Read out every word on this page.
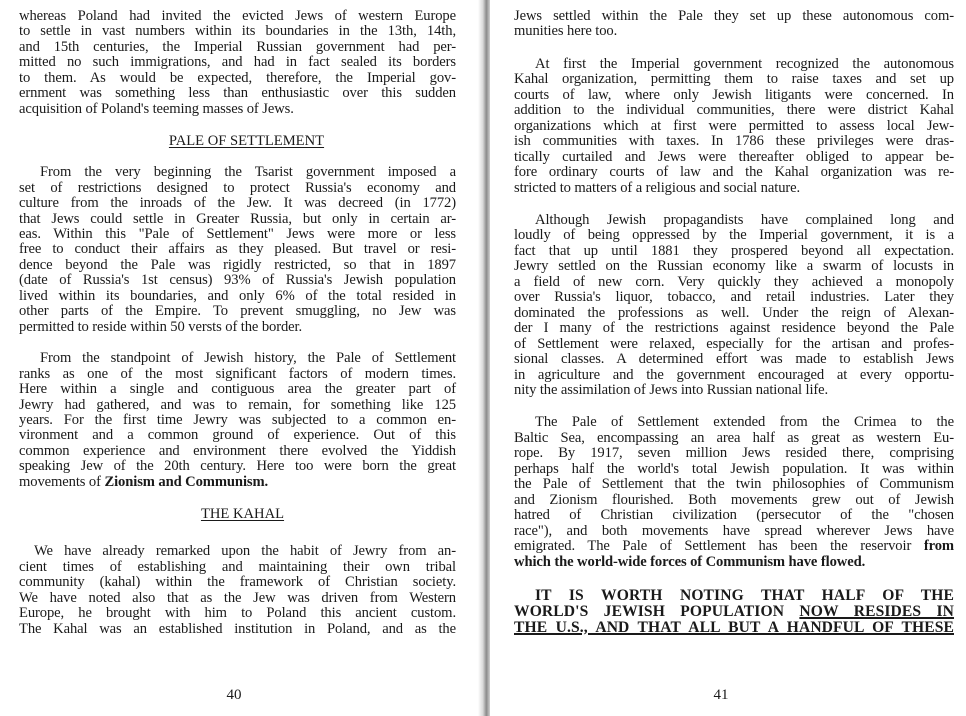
whereas Poland had invited the evicted Jews of western Europe
to settle in vast numbers within its boundaries in the 13th, 14th,
and 15th centuries, the Imperial Russian government had per-
mitted no such immigrations, and had in fact sealed its borders
to them. As would be expected, therefore, the Imperial gov-
ernment was something less than enthusiastic over this sudden
acquisition of Poland's teeming masses of Jews.

PALE OF SETTLEMENT

From the very beginning the Tsarist government imposed a
set of restrictions designed to protect Russia's economy and
culture from the inroads of the Jew. It was decreed (in 1772)
that Jews could settle in Greater Russia, but only in certain ar-
eas. Within this "Pale of Settlement" Jews were more or less
free to conduct their affairs as they pleased. But travel or resi-
dence beyond the Pale was rigidly restricted, so that in 1897
(date of Russia's 1st census) 93% of Russia's Jewish population
lived within its boundaries, and only 6% of the total resided in
other parts of the Empire. To prevent smuggling, no Jew was
permitted to reside within 50 versts of the border.
From the standpoint of Jewish history, the Pale of Settlement
ranks as one of the most significant factors of modern times.
Here within a single and contiguous area the greater part of
Jewry had gathered, and was to remain, for something like 125
years. For the first time Jewry was subjected to a common en-
vironment and a common ground of experience. Out of this
common experience and environment there evolved the Yiddish
speaking Jew of the 20th century. Here too were born the great
movements of Zionism and Communism.

THE KAHAL

We have already remarked upon the habit of Jewry from an-
cient times of establishing and maintaining their own tribal
community (kahal) within the framework of Christian society.
We have noted also that as the Jew was driven from Western
Europe, he brought with him to Poland this ancient custom.
The Kahal was an established institution in Poland, and as the
40
Jews settled within the Pale they set up these autonomous com-
munities here too.
At first the Imperial government recognized the autonomous
Kahal organization, permitting them to raise taxes and set up
courts of law, where only Jewish litigants were concerned. In
addition to the individual communities, there were district Kahal
organizations which at first were permitted to assess local Jew-
ish communities with taxes. In 1786 these privileges were dras-
tically curtailed and Jews were thereafter obliged to appear be-
fore ordinary courts of law and the Kahal organization was re-
stricted to matters of a religious and social nature.
Although Jewish propagandists have complained long and
loudly of being oppressed by the Imperial government, it is a
fact that up until 1881 they prospered beyond all expectation.
Jewry settled on the Russian economy like a swarm of locusts in
a field of new corn. Very quickly they achieved a monopoly
over Russia's liquor, tobacco, and retail industries. Later they
dominated the professions as well. Under the reign of Alexan-
der I many of the restrictions against residence beyond the Pale
of Settlement were relaxed, especially for the artisan and profes-
sional classes. A determined effort was made to establish Jews
in agriculture and the government encouraged at every opportu-
nity the assimilation of Jews into Russian national life.
The Pale of Settlement extended from the Crimea to the
Baltic Sea, encompassing an area half as great as western Eu-
rope. By 1917, seven million Jews resided there, comprising
perhaps half the world's total Jewish population. It was within
the Pale of Settlement that the twin philosophies of Communism
and Zionism flourished. Both movements grew out of Jewish
hatred of Christian civilization (persecutor of the "chosen
race"), and both movements have spread wherever Jews have
emigrated. The Pale of Settlement has been the reservoir from
which the world-wide forces of Communism have flowed.
IT IS WORTH NOTING THAT HALF OF THE
WORLD'S JEWISH POPULATION NOW RESIDES IN
THE U.S., AND THAT ALL BUT A HANDFUL OF THESE
41
